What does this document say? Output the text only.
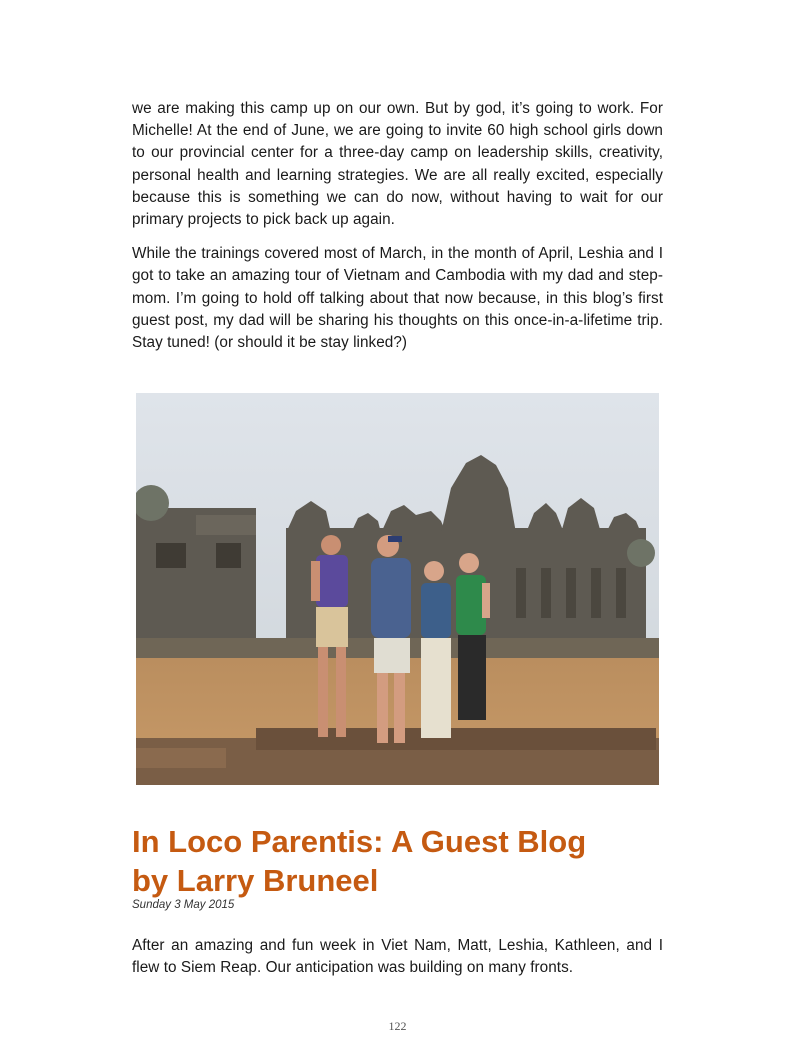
we are making this camp up on our own. But by god, it’s going to work. For Michelle! At the end of June, we are going to invite 60 high school girls down to our provincial center for a three-day camp on leadership skills, creativity, personal health and learning strategies. We are all really excited, especially because this is something we can do now, without having to wait for our primary projects to pick back up again.

While the trainings covered most of March, in the month of April, Leshia and I got to take an amazing tour of Vietnam and Cambodia with my dad and step-mom. I’m going to hold off talking about that now because, in this blog’s first guest post, my dad will be sharing his thoughts on this once-in-a-lifetime trip. Stay tuned! (or should it be stay linked?)

In Loco Parentis: A Guest Blog
by Larry Bruneel
Sunday 3 May 2015

After an amazing and fun week in Viet Nam, Matt, Leshia, Kathleen, and I flew to Siem Reap. Our anticipation was building on many fronts.

122
